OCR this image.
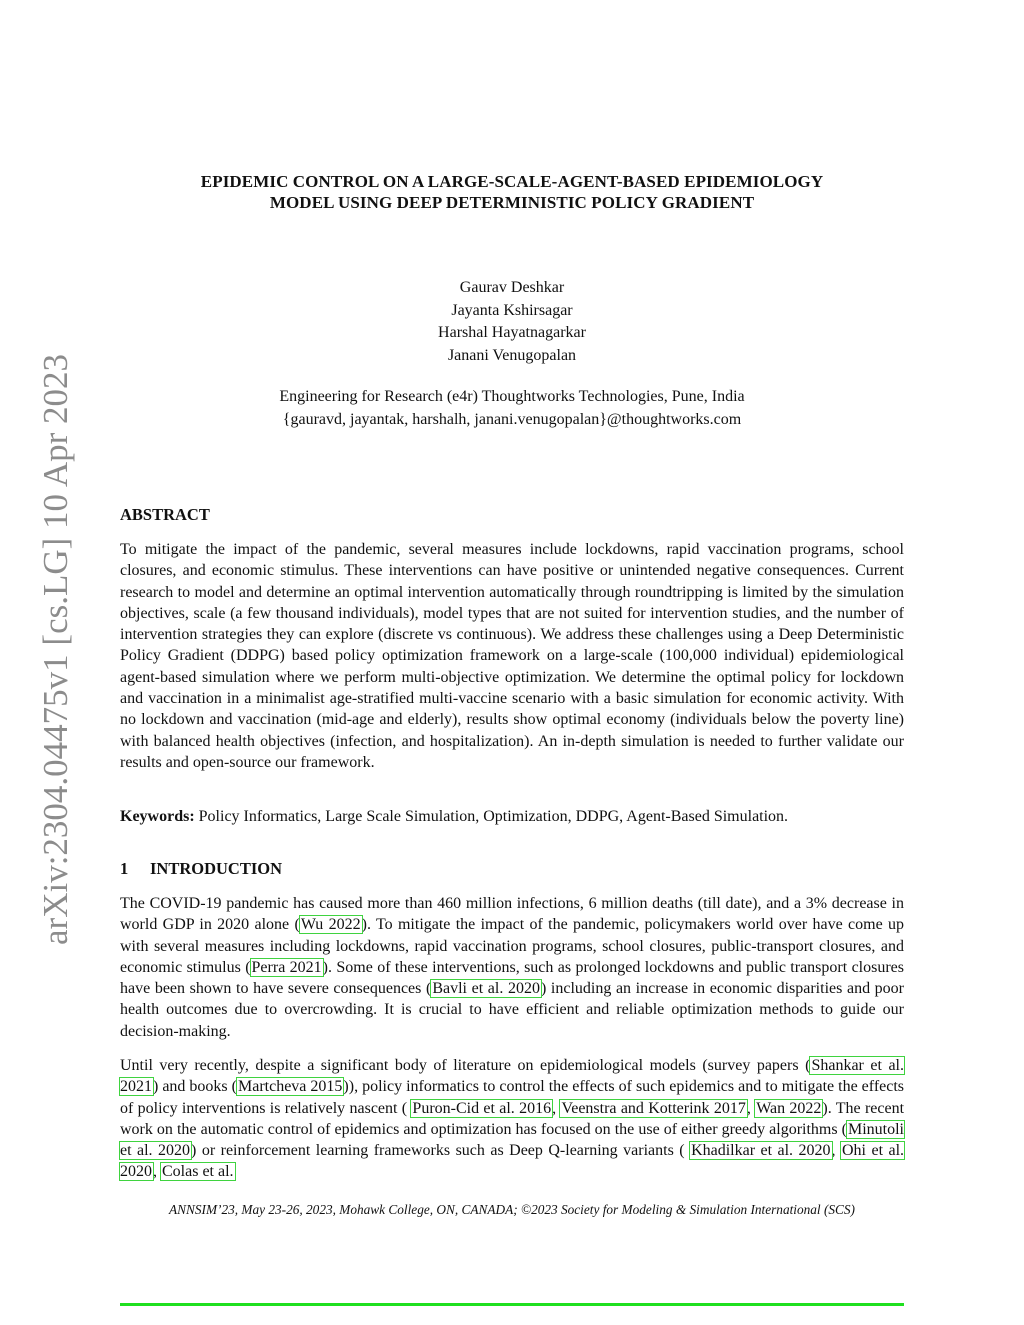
arXiv:2304.04475v1 [cs.LG] 10 Apr 2023
EPIDEMIC CONTROL ON A LARGE-SCALE-AGENT-BASED EPIDEMIOLOGY
MODEL USING DEEP DETERMINISTIC POLICY GRADIENT
Gaurav Deshkar
Jayanta Kshirsagar
Harshal Hayatnagarkar
Janani Venugopalan
Engineering for Research (e4r) Thoughtworks Technologies, Pune, India
{gauravd, jayantak, harshalh, janani.venugopalan}@thoughtworks.com
ABSTRACT
To mitigate the impact of the pandemic, several measures include lockdowns, rapid vaccination programs, school closures, and economic stimulus. These interventions can have positive or unintended negative consequences. Current research to model and determine an optimal intervention automatically through roundtripping is limited by the simulation objectives, scale (a few thousand individuals), model types that are not suited for intervention studies, and the number of intervention strategies they can explore (discrete vs continuous). We address these challenges using a Deep Deterministic Policy Gradient (DDPG) based policy optimization framework on a large-scale (100,000 individual) epidemiological agent-based simulation where we perform multi-objective optimization. We determine the optimal policy for lockdown and vaccination in a minimalist age-stratified multi-vaccine scenario with a basic simulation for economic activity. With no lockdown and vaccination (mid-age and elderly), results show optimal economy (individuals below the poverty line) with balanced health objectives (infection, and hospitalization). An in-depth simulation is needed to further validate our results and open-source our framework.
Keywords: Policy Informatics, Large Scale Simulation, Optimization, DDPG, Agent-Based Simulation.
1 INTRODUCTION
The COVID-19 pandemic has caused more than 460 million infections, 6 million deaths (till date), and a 3% decrease in world GDP in 2020 alone (Wu 2022). To mitigate the impact of the pandemic, policymakers world over have come up with several measures including lockdowns, rapid vaccination programs, school closures, public-transport closures, and economic stimulus (Perra 2021). Some of these interventions, such as prolonged lockdowns and public transport closures have been shown to have severe consequences (Bavli et al. 2020) including an increase in economic disparities and poor health outcomes due to overcrowding. It is crucial to have efficient and reliable optimization methods to guide our decision-making.
Until very recently, despite a significant body of literature on epidemiological models (survey papers (Shankar et al. 2021) and books (Martcheva 2015)), policy informatics to control the effects of such epidemics and to mitigate the effects of policy interventions is relatively nascent ( Puron-Cid et al. 2016, Veenstra and Kotterink 2017, Wan 2022). The recent work on the automatic control of epidemics and optimization has focused on the use of either greedy algorithms (Minutoli et al. 2020) or reinforcement learning frameworks such as Deep Q-learning variants ( Khadilkar et al. 2020, Ohi et al. 2020, Colas et al.
ANNSIM’23, May 23-26, 2023, Mohawk College, ON, CANADA; ©2023 Society for Modeling & Simulation International (SCS)
